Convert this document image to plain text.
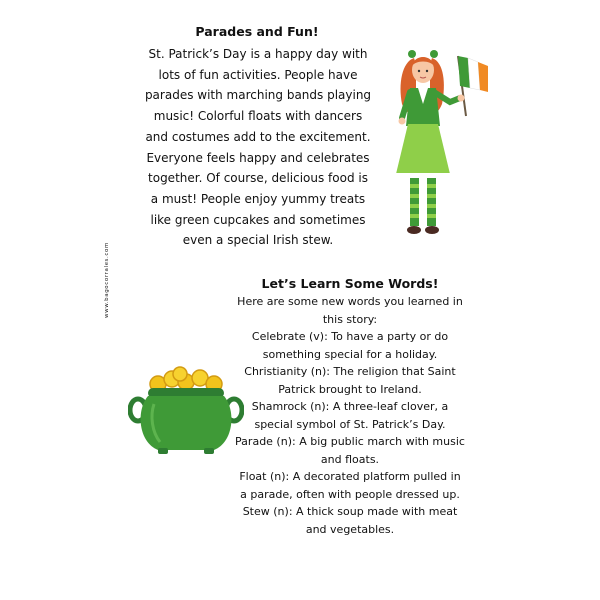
www.bagocorrales.com
Parades and Fun!
St. Patrick’s Day is a happy day with
lots of fun activities. People have
parades with marching bands playing
music! Colorful floats with dancers
and costumes add to the excitement.
Everyone feels happy and celebrates
together. Of course, delicious food is
a must! People enjoy yummy treats
like green cupcakes and sometimes
even a special Irish stew.
Let’s Learn Some Words!
Here are some new words you learned in
this story:
Celebrate (v): To have a party or do
something special for a holiday.
Christianity (n): The religion that Saint
Patrick brought to Ireland.
Shamrock (n): A three-leaf clover, a
special symbol of St. Patrick’s Day.
Parade (n): A big public march with music
and floats.
Float (n): A decorated platform pulled in
a parade, often with people dressed up.
Stew (n): A thick soup made with meat
and vegetables.
